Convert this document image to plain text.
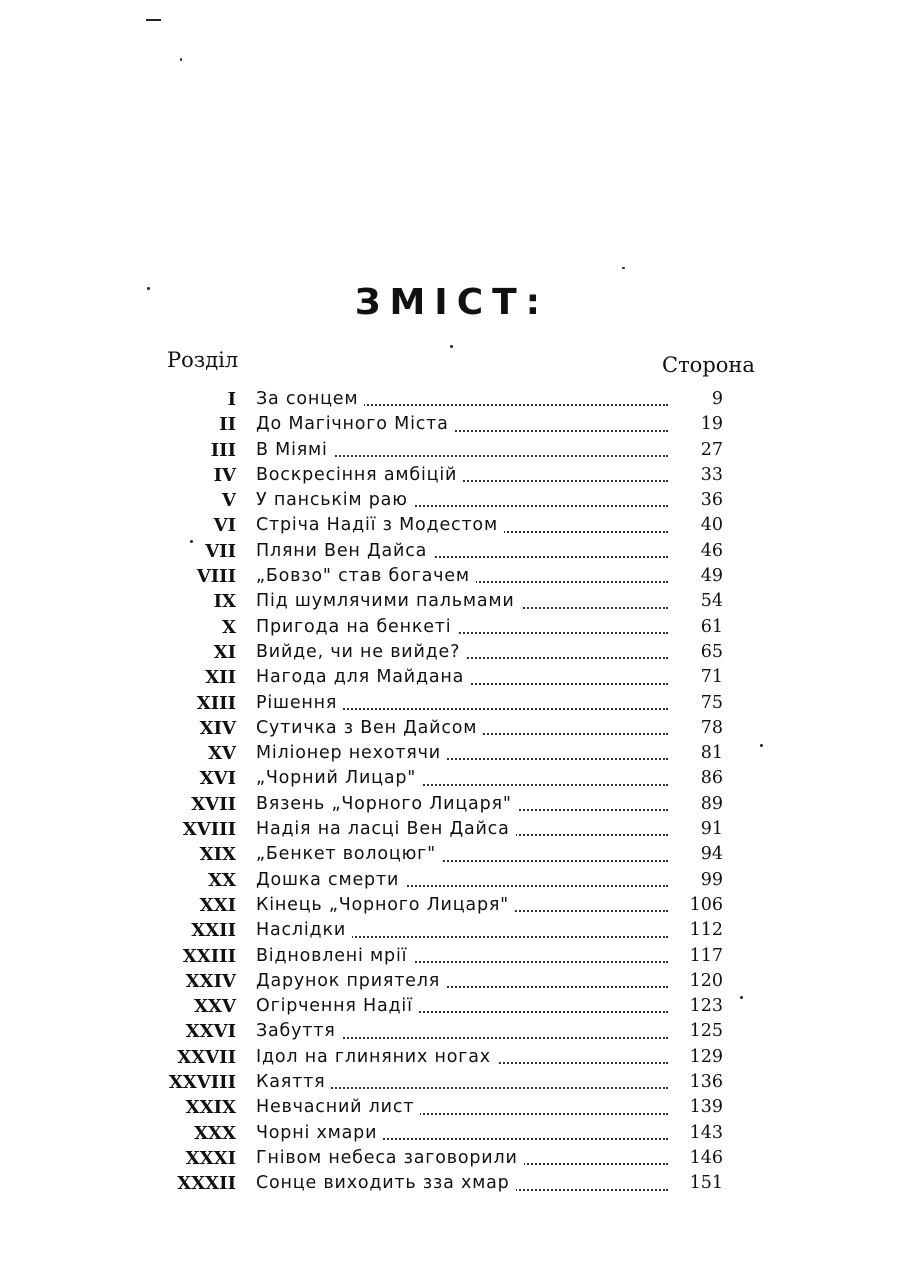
ЗМІСТ:
Розділ	Сторона
I За сонцем	9
II До Магічного Міста	19
III В Міямі	27
IV Воскресіння амбіцій	33
V У панськім раю	36
VI Стріча Надії з Модестом	40
VII Пляни Вен Дайса	46
VIII „Бовзо" став богачем	49
IX Під шумлячими пальмами	54
X Пригода на бенкеті	61
XI Вийде, чи не вийде?	65
XII Нагода для Майдана	71
XIII Рішення	75
XIV Сутичка з Вен Дайсом	78
XV Міліонер нехотячи	81
XVI „Чорний Лицар"	86
XVII Вязень „Чорного Лицаря"	89
XVIII Надія на ласці Вен Дайса	91
XIX „Бенкет волоцюг"	94
XX Дошка смерти	99
XXI Кінець „Чорного Лицаря"	106
XXII Наслідки	112
XXIII Відновлені мрії	117
XXIV Дарунок приятеля	120
XXV Огірчення Надії	123
XXVI Забуття	125
XXVII Ідол на глиняних ногах	129
XXVIII Каяття	136
XXIX Невчасний лист	139
XXX Чорні хмари	143
XXXI Гнівом небеса заговорили	146
XXXII Сонце виходить зза хмар	151
